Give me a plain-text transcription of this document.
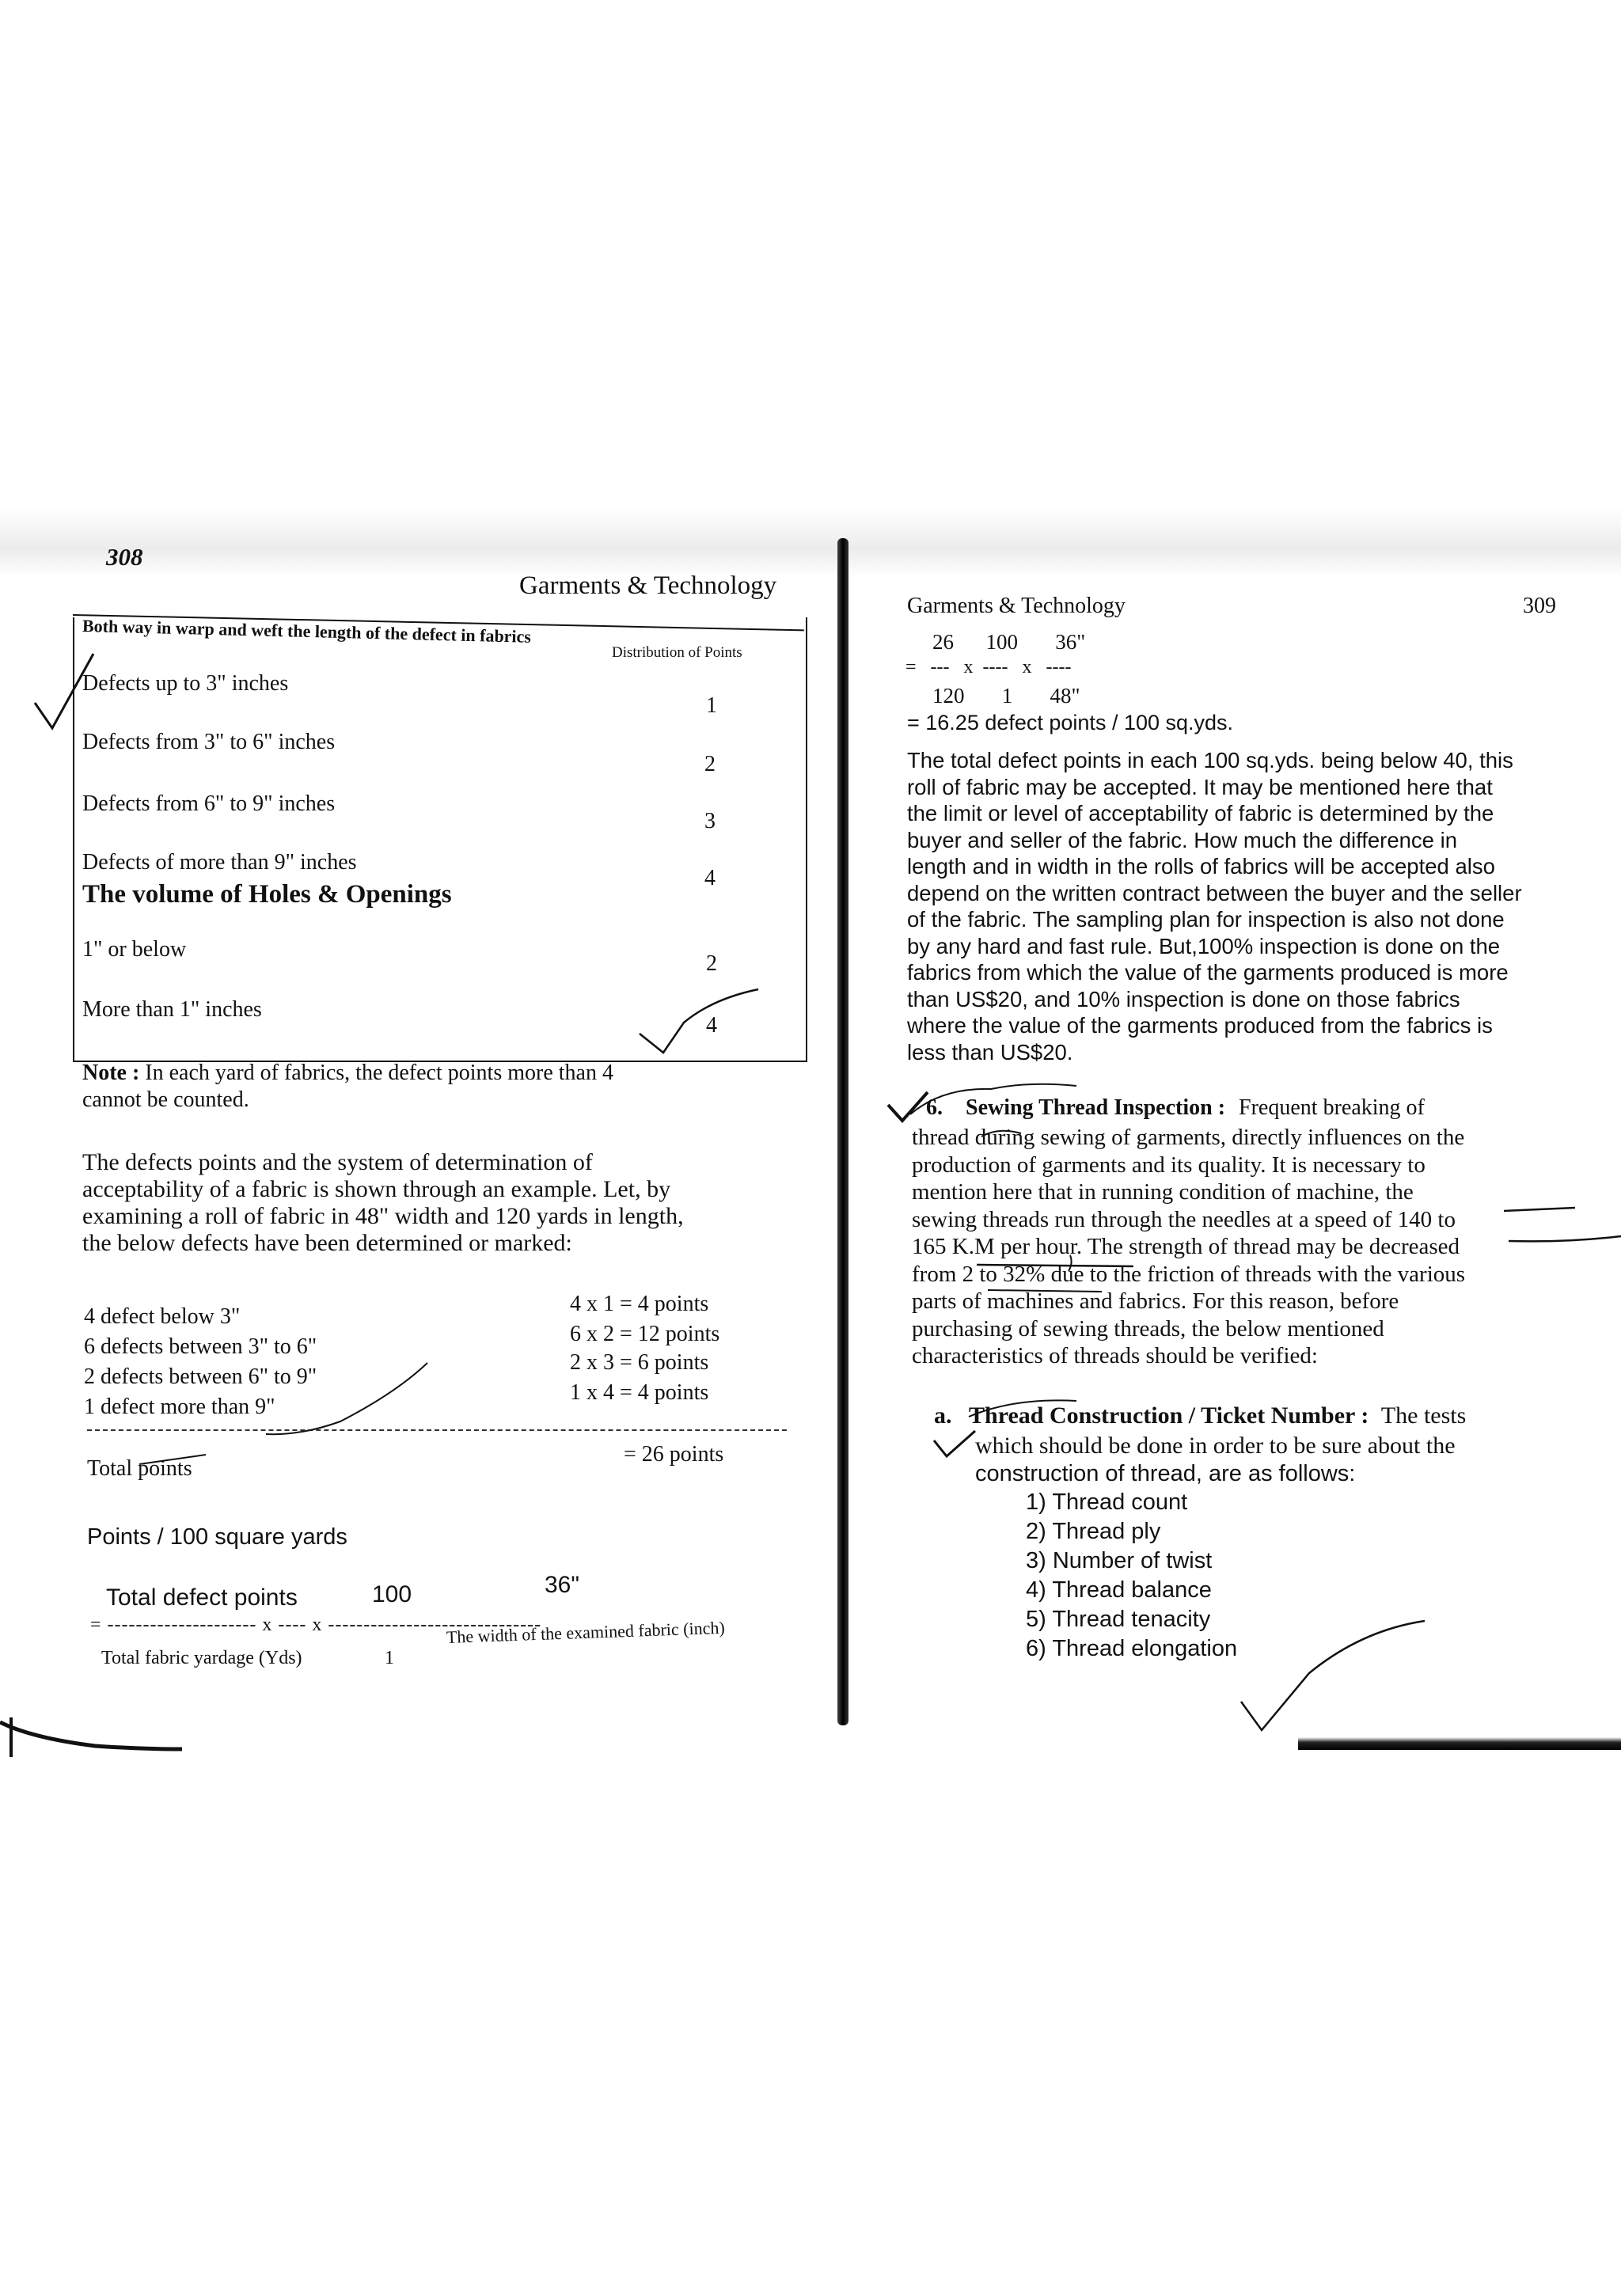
308
Garments & Technology
Both way in warp and weft the length of the defect in fabrics
Distribution of Points
Defects up to 3" inches
1
Defects from 3" to 6" inches
2
Defects from 6" to 9" inches
3
Defects of more than 9" inches
4
The volume of Holes & Openings
1" or below
2
More than 1" inches
4
Note : In each yard of fabrics, the defect points more than 4
cannot be counted.
The defects points and the system of determination of
acceptability of a fabric is shown through an example. Let, by
examining a roll of fabric in 48" width and 120 yards in length,
the below defects have been determined or marked:
4 defect below 3"
4 x 1 = 4 points
6 defects between 3" to 6"
6 x 2 = 12 points
2 defects between 6" to 9"
2 x 3 = 6 points
1 defect more than 9"
1 x 4 = 4 points
Total points
= 26 points
Points / 100 square yards
Total defect points	100	36"
= --------------------- x ---- x ------------------------------
Total fabric yardage (Yds)	1
The width of the examined fabric (inch)
Garments & Technology	309
26      100       36"
=   ---   x  ----   x   ----
120       1       48"
= 16.25 defect points / 100 sq.yds.
The total defect points in each 100 sq.yds. being below 40, this
roll of fabric may be accepted. It may be mentioned here that
the limit or level of acceptability of fabric is determined by the
buyer and seller of the fabric. How much the difference in
length and in width in the rolls of fabrics will be accepted also
depend on the written contract between the buyer and the seller
of the fabric. The sampling plan for inspection is also not done
by any hard and fast rule. But,100% inspection is done on the
fabrics from which the value of the garments produced is more
than US$20, and 10% inspection is done on those fabrics
where the value of the garments produced from the fabrics is
less than US$20.
6. Sewing Thread Inspection : Frequent breaking of
thread during sewing of garments, directly influences on the
production of garments and its quality. It is necessary to
mention here that in running condition of machine, the
sewing threads run through the needles at a speed of 140 to
165 K.M per hour. The strength of thread may be decreased
from 2 to 32% due to the friction of threads with the various
parts of machines and fabrics. For this reason, before
purchasing of sewing threads, the below mentioned
characteristics of threads should be verified:
a. Thread Construction / Ticket Number : The tests
which should be done in order to be sure about the
construction of thread, are as follows:
1) Thread count
2) Thread ply
3) Number of twist
4) Thread balance
5) Thread tenacity
6) Thread elongation
